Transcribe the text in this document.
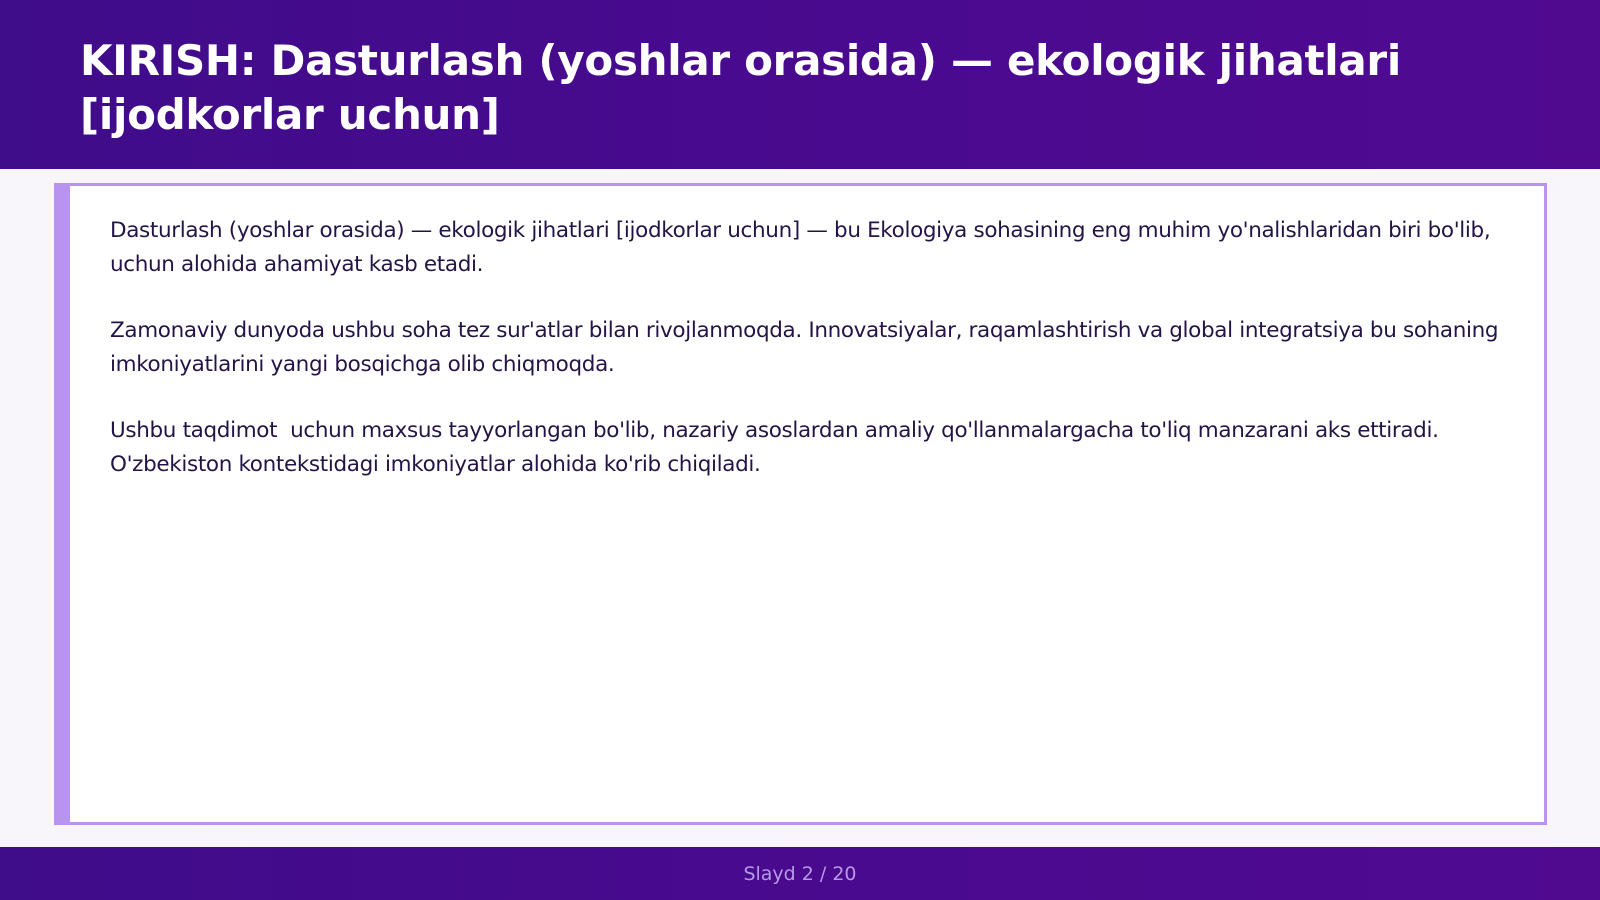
KIRISH: Dasturlash (yoshlar orasida) — ekologik jihatlari [ijodkorlar uchun]

Dasturlash (yoshlar orasida) — ekologik jihatlari [ijodkorlar uchun] — bu Ekologiya sohasining eng muhim yo'nalishlaridan biri bo'lib,  uchun alohida ahamiyat kasb etadi.

Zamonaviy dunyoda ushbu soha tez sur'atlar bilan rivojlanmoqda. Innovatsiyalar, raqamlashtirish va global integratsiya bu sohaning imkoniyatlarini yangi bosqichga olib chiqmoqda.

Ushbu taqdimot  uchun maxsus tayyorlangan bo'lib, nazariy asoslardan amaliy qo'llanmalargacha to'liq manzarani aks ettiradi. O'zbekiston kontekstidagi imkoniyatlar alohida ko'rib chiqiladi.

Slayd 2 / 20
